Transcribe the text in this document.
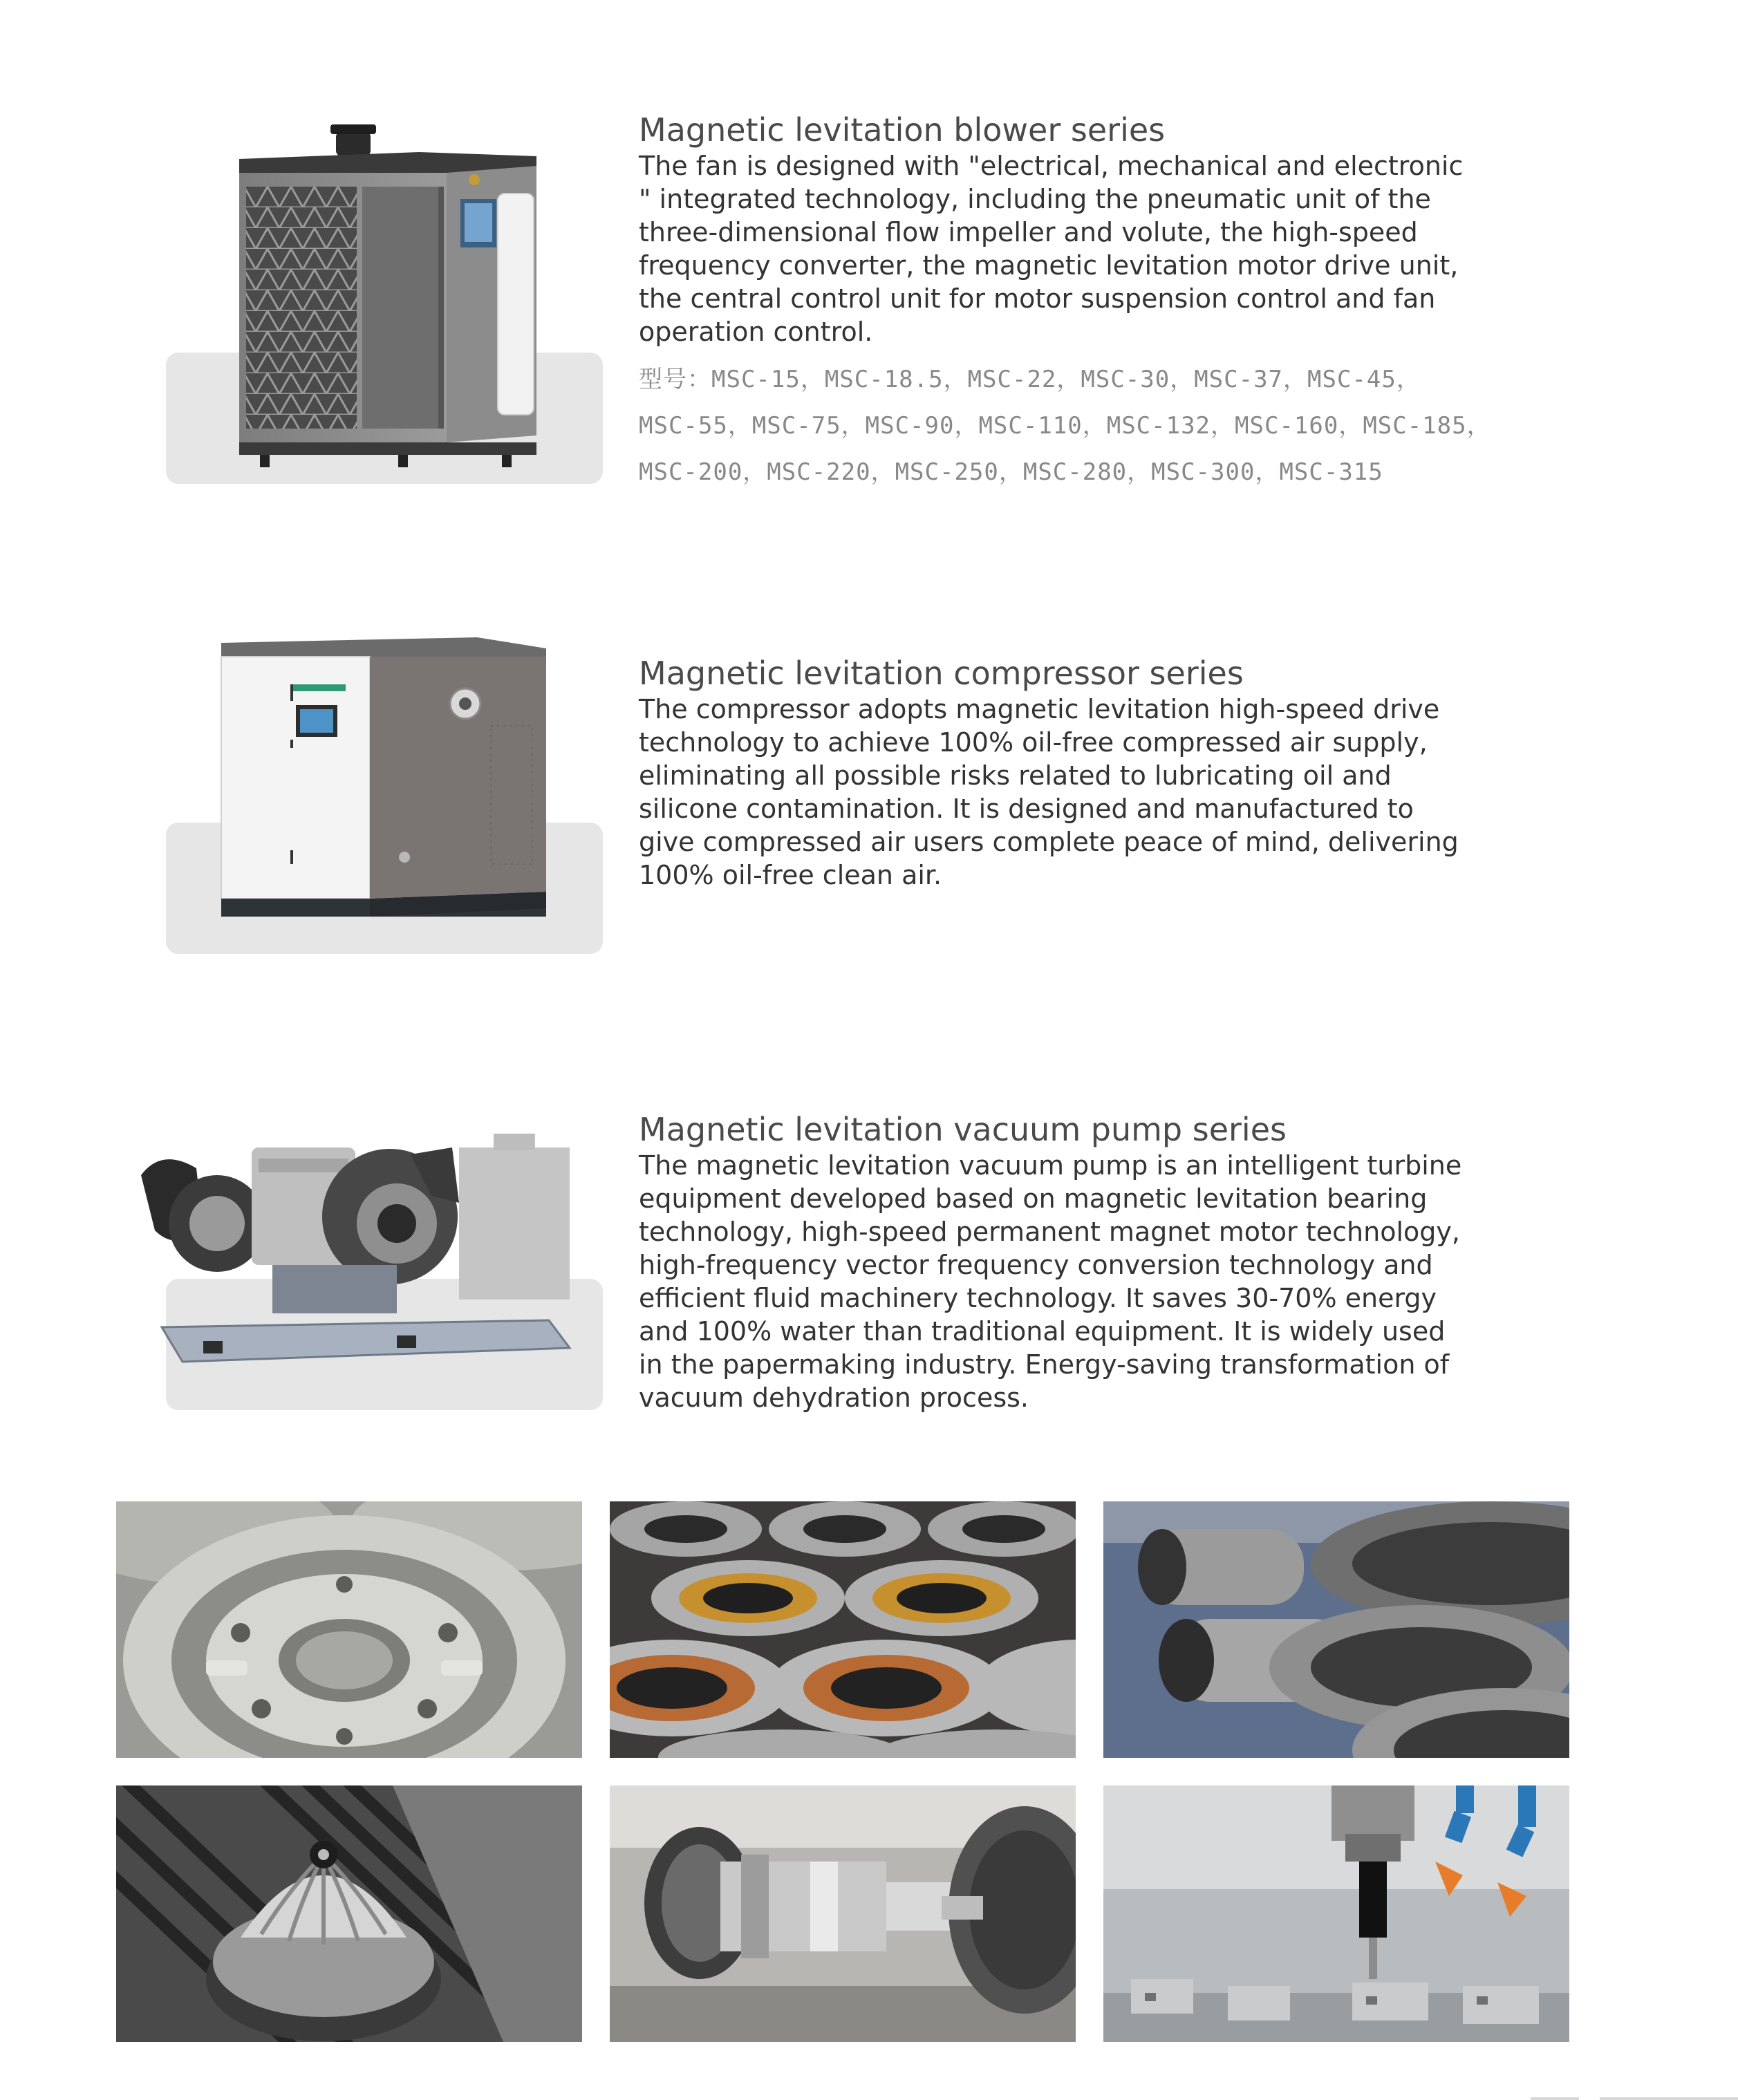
Magnetic levitation blower series

The fan is designed with "electrical, mechanical and electronic
" integrated technology, including the pneumatic unit of the
three-dimensional flow impeller and volute, the high-speed
frequency converter, the magnetic levitation motor drive unit,
the central control unit for motor suspension control and fan
operation control.

型号：MSC-15，MSC-18.5，MSC-22，MSC-30，MSC-37，MSC-45，
MSC-55，MSC-75，MSC-90，MSC-110，MSC-132，MSC-160，MSC-185，
MSC-200，MSC-220，MSC-250，MSC-280，MSC-300，MSC-315
Magnetic levitation compressor series

The compressor adopts magnetic levitation high-speed drive
technology to achieve 100% oil-free compressed air supply,
eliminating all possible risks related to lubricating oil and
silicone contamination. It is designed and manufactured to
give compressed air users complete peace of mind, delivering
100% oil-free clean air.

Magnetic levitation vacuum pump series

The magnetic levitation vacuum pump is an intelligent turbine
equipment developed based on magnetic levitation bearing
technology, high-speed permanent magnet motor technology,
high-frequency vector frequency conversion technology and
efficient fluid machinery technology. It saves 30-70% energy
and 100% water than traditional equipment. It is widely used
in the papermaking industry. Energy-saving transformation of
vacuum dehydration process.
